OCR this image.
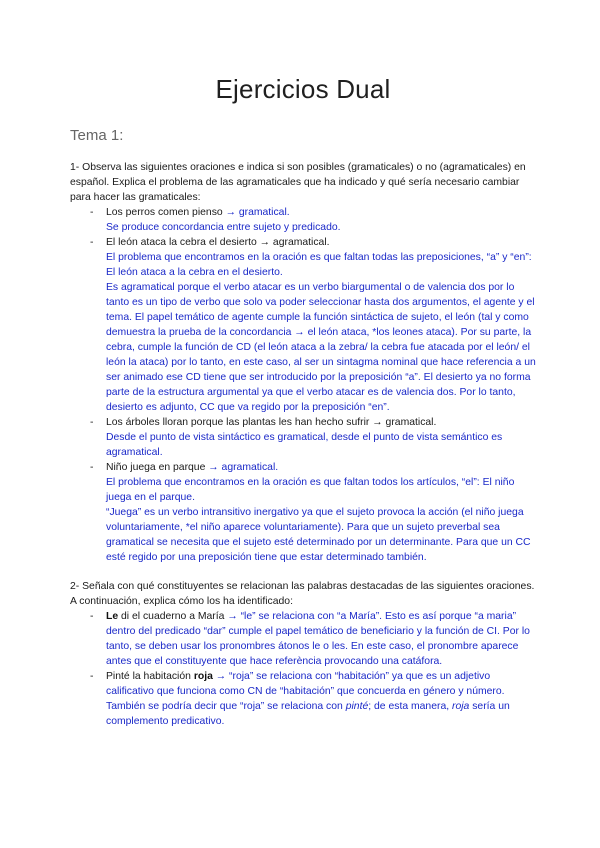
Ejercicios Dual
Tema 1:

1- Observa las siguientes oraciones e indica si son posibles (gramaticales) o no (agramaticales) en español. Explica el problema de las agramaticales que ha indicado y qué sería necesario cambiar para hacer las gramaticales:

- Los perros comen pienso → gramatical.

Se produce concordancia entre sujeto y predicado.

- El león ataca la cebra el desierto → agramatical.

El problema que encontramos en la oración es que faltan todas las preposiciones, “a” y “en”: El león ataca a la cebra en el desierto.

Es agramatical porque el verbo atacar es un verbo biargumental o de valencia dos por lo tanto es un tipo de verbo que solo va poder seleccionar hasta dos argumentos, el agente y el tema. El papel temático de agente cumple la función sintáctica de sujeto, el león (tal y como demuestra la prueba de la concordancia → el león ataca, *los leones ataca). Por su parte, la cebra, cumple la función de CD (el león ataca a la zebra/ la cebra fue atacada por el león/ el león la ataca) por lo tanto, en este caso, al ser un sintagma nominal que hace referencia a un ser animado ese CD tiene que ser introducido por la preposición “a”. El desierto ya no forma parte de la estructura argumental ya que el verbo atacar es de valencia dos. Por lo tanto, desierto es adjunto, CC que va regido por la preposición “en”.

- Los árboles lloran porque las plantas les han hecho sufrir → gramatical.

Desde el punto de vista sintáctico es gramatical, desde el punto de vista semántico es agramatical.

- Niño juega en parque → agramatical.

El problema que encontramos en la oración es que faltan todos los artículos, “el”: El niño juega en el parque.

“Juega” es un verbo intransitivo inergativo ya que el sujeto provoca la acción (el niño juega voluntariamente, *el niño aparece voluntariamente). Para que un sujeto preverbal sea gramatical se necesita que el sujeto esté determinado por un determinante. Para que un CC esté regido por una preposición tiene que estar determinado también.

2- Señala con qué constituyentes se relacionan las palabras destacadas de las siguientes oraciones. A continuación, explica cómo los ha identificado:

- Le di el cuaderno a María → “le” se relaciona con “a María”. Esto es así porque “a maria” dentro del predicado “dar” cumple el papel temático de beneficiario y la función de CI. Por lo tanto, se deben usar los pronombres átonos le o les. En este caso, el pronombre aparece antes que el constituyente que hace referència provocando una catáfora.
- Pinté la habitación roja → “roja” se relaciona con “habitación” ya que es un adjetivo calificativo que funciona como CN de “habitación” que concuerda en género y número. También se podría decir que “roja” se relaciona con pinté; de esta manera, roja sería un complemento predicativo.
